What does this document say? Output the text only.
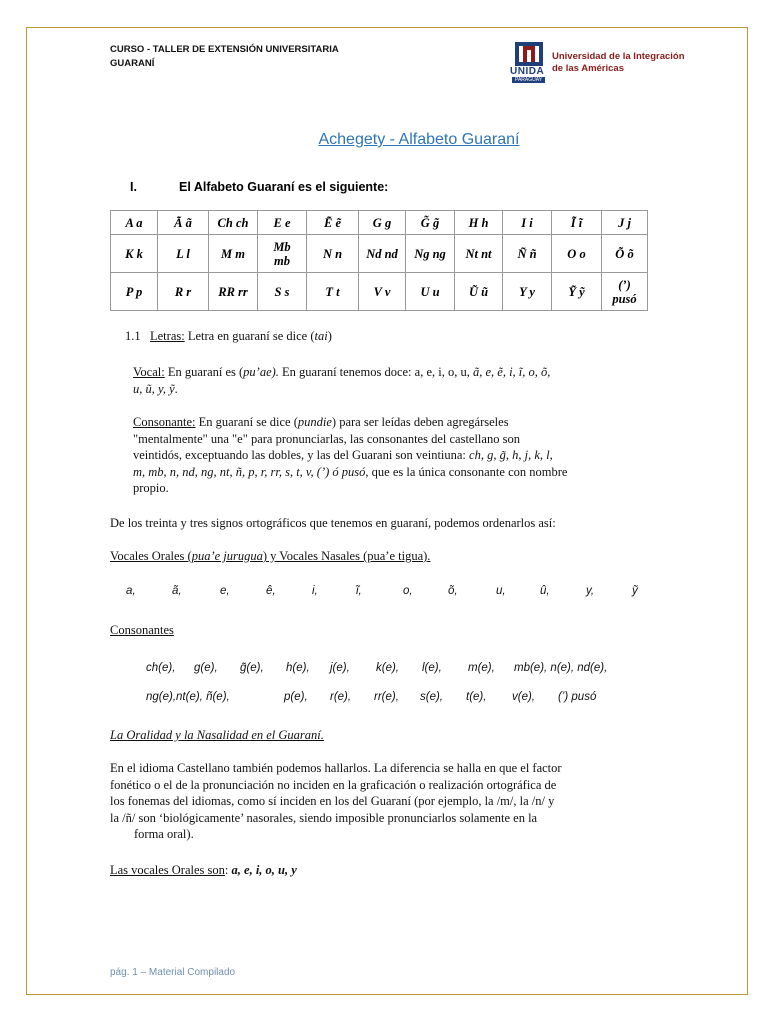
CURSO - TALLER DE EXTENSIÓN UNIVERSITARIA
GUARANÍ
UNIDA
PARAGUAY
Universidad de la Integración
de las Américas
Achegety - Alfabeto Guaraní
I.	El Alfabeto Guaraní es el siguiente:
A a	Ã ã	Ch ch	E e	Ẽ ẽ	G g	G̃ g̃	H h	I i	Ĩ ĩ	J j
K k	L l	M m	Mb mb	N n	Nd nd	Ng ng	Nt nt	Ñ ñ	O o	Õ õ
P p	R r	RR rr	S s	T t	V v	U u	Ũ ũ	Y y	Ỹ ỹ	(’) pusó
1.1 Letras: Letra en guaraní se dice (tai)
Vocal: En guaraní es (pu’ae). En guaraní tenemos doce: a, e, i, o, u, ã, e, ẽ, i, ĩ, o, õ,
u, ũ, y, ỹ.
Consonante: En guaraní se dice (pundie) para ser leídas deben agregárseles
"mentalmente" una "e" para pronunciarlas, las consonantes del castellano son
veintidós, exceptuando las dobles, y las del Guarani son veintiuna: ch, g, g̃, h, j, k, l,
m, mb, n, nd, ng, nt, ñ, p, r, rr, s, t, v, (’) ó pusó, que es la única consonante con nombre
propio.
De los treinta y tres signos ortográficos que tenemos en guaraní, podemos ordenarlos así:
Vocales Orales (pua’e jurugua) y Vocales Nasales (pua’e tigua).
a,	ã,	e,	ê,	i,	ĩ,	o,	õ,	u,	û,	y,	ỹ
Consonantes
ch(e), g(e), g̃(e), h(e), j(e), k(e), l(e), m(e), mb(e), n(e), nd(e),
ng(e),nt(e), ñ(e),	p(e), r(e), rr(e), s(e), t(e), v(e), (’) pusó
La Oralidad y la Nasalidad en el Guaraní.
En el idioma Castellano también podemos hallarlos. La diferencia se halla en que el factor
fonético o el de la pronunciación no inciden en la graficación o realización ortográfica de
los fonemas del idiomas, como sí inciden en los del Guaraní (por ejemplo, la /m/, la /n/ y
la /ñ/ son ‘biológicamente’ nasorales, siendo imposible pronunciarlos solamente en la
forma oral).
Las vocales Orales son: a, e, i, o, u, y
pág. 1 – Material Compilado
